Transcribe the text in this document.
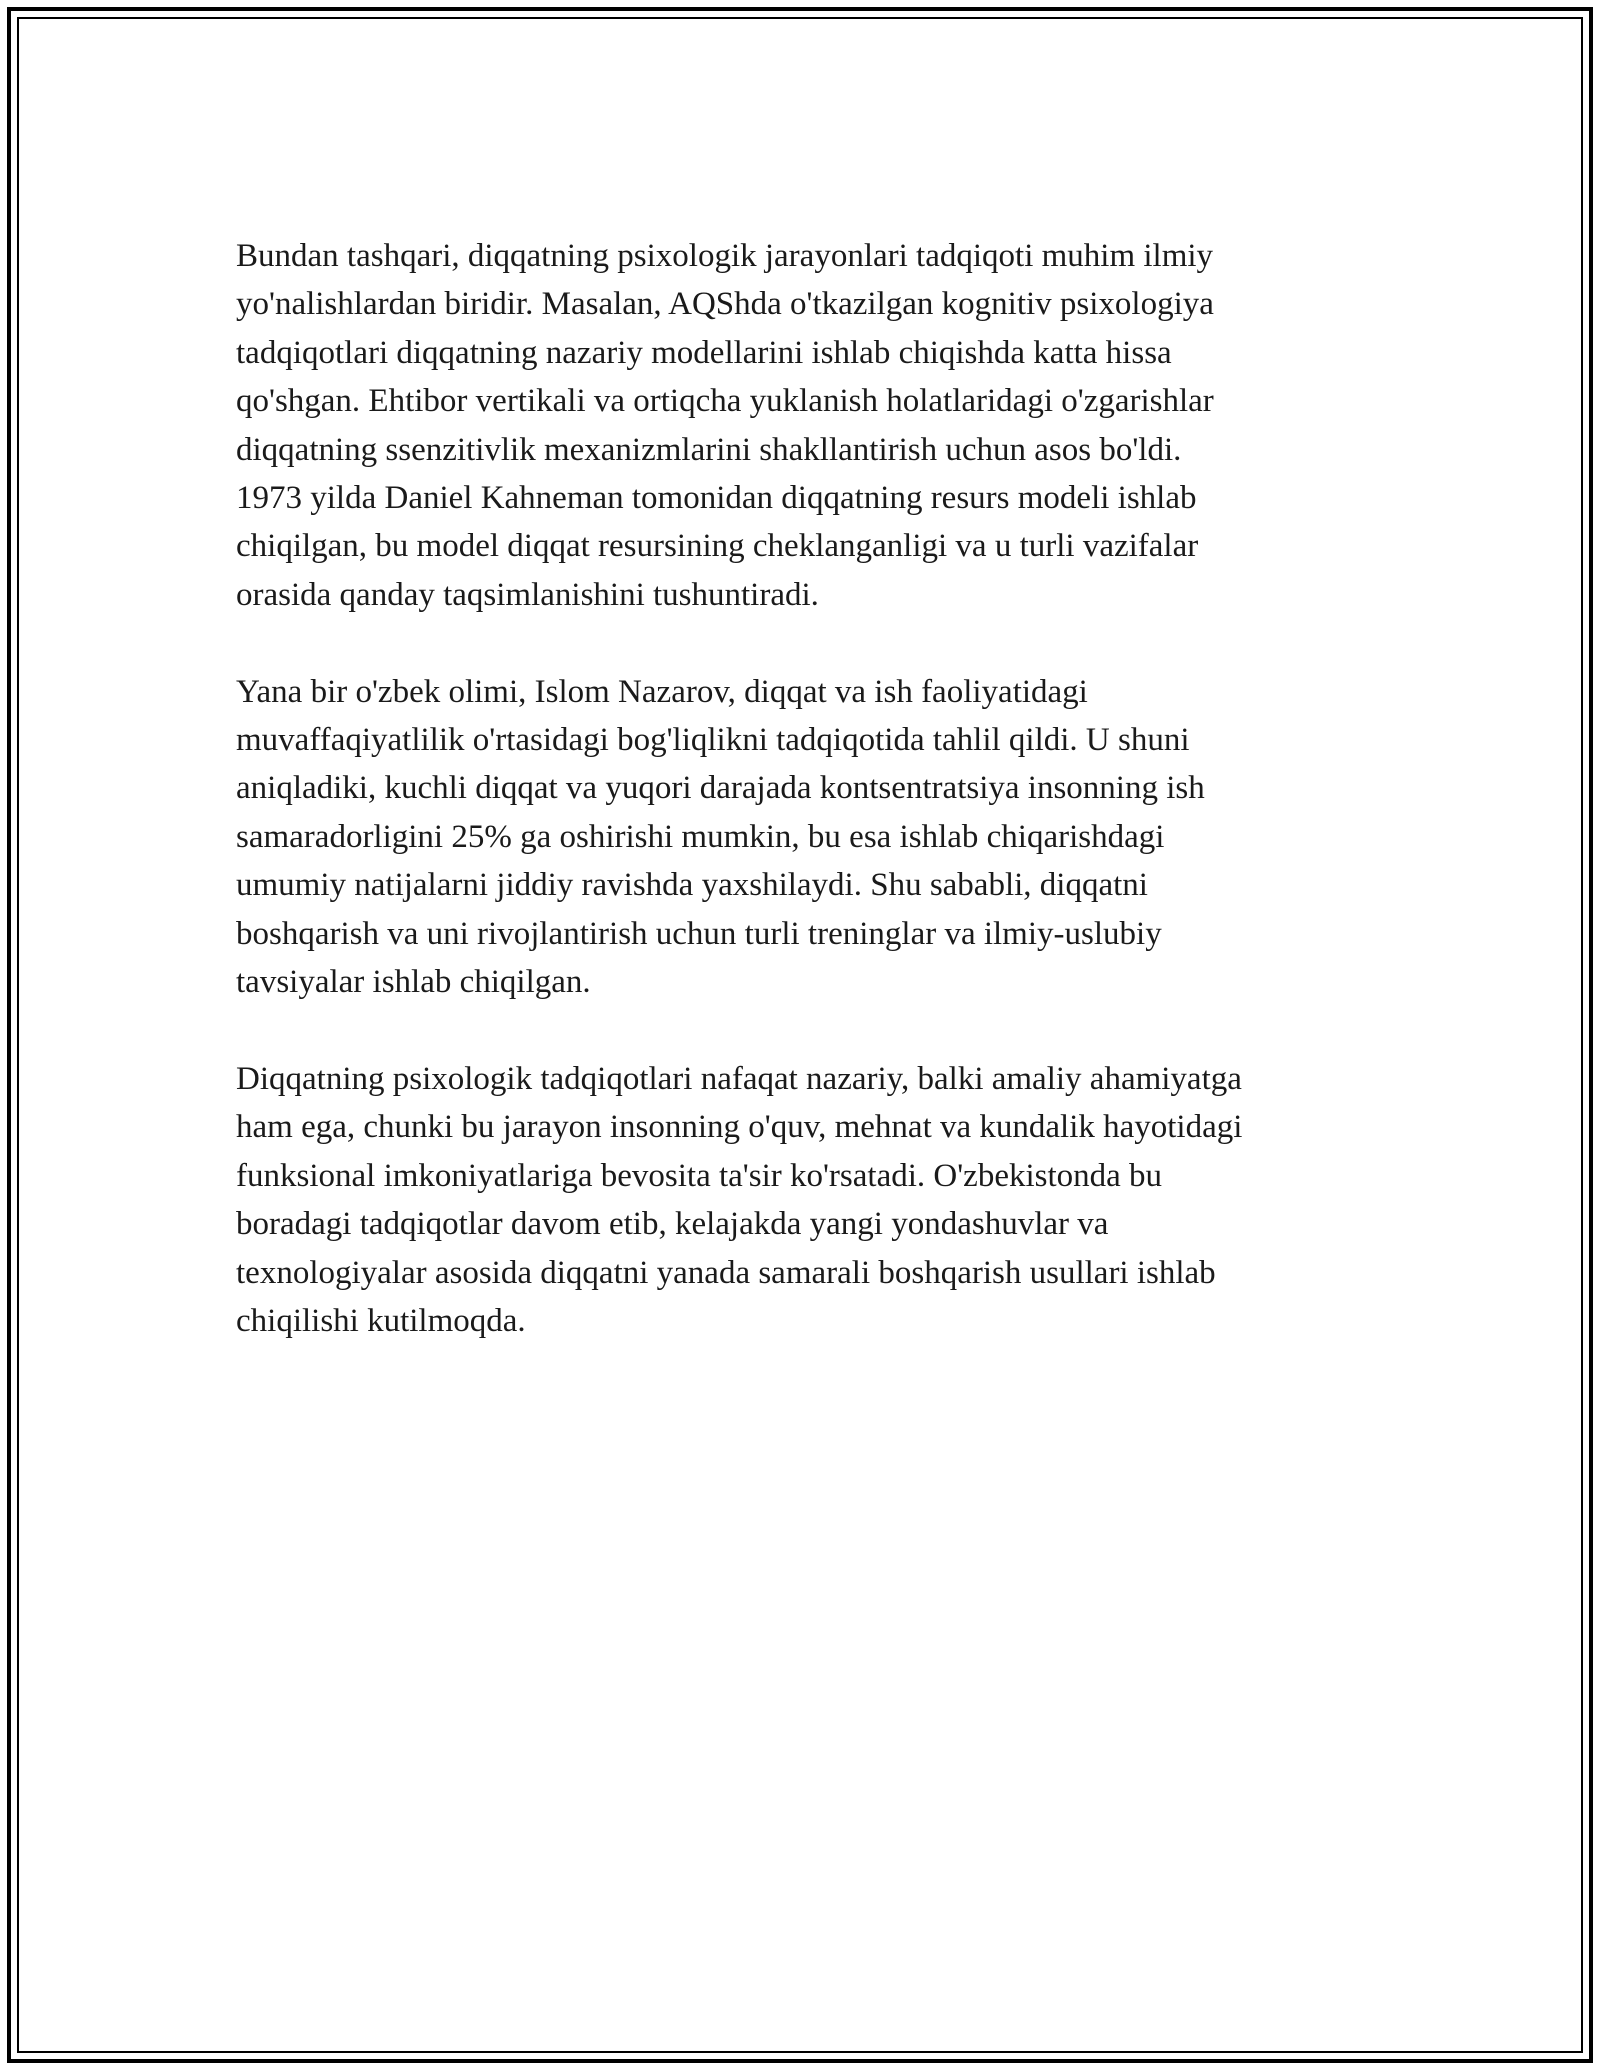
Bundan tashqari, diqqatning psixologik jarayonlari tadqiqoti muhim ilmiy
yo'nalishlardan biridir. Masalan, AQShda o'tkazilgan kognitiv psixologiya
tadqiqotlari diqqatning nazariy modellarini ishlab chiqishda katta hissa
qo'shgan. Ehtibor vertikali va ortiqcha yuklanish holatlaridagi o'zgarishlar
diqqatning ssenzitivlik mexanizmlarini shakllantirish uchun asos bo'ldi.
1973 yilda Daniel Kahneman tomonidan diqqatning resurs modeli ishlab
chiqilgan, bu model diqqat resursining cheklanganligi va u turli vazifalar
orasida qanday taqsimlanishini tushuntiradi.

Yana bir o'zbek olimi, Islom Nazarov, diqqat va ish faoliyatidagi
muvaffaqiyatlilik o'rtasidagi bog'liqlikni tadqiqotida tahlil qildi. U shuni
aniqladiki, kuchli diqqat va yuqori darajada kontsentratsiya insonning ish
samaradorligini 25% ga oshirishi mumkin, bu esa ishlab chiqarishdagi
umumiy natijalarni jiddiy ravishda yaxshilaydi. Shu sababli, diqqatni
boshqarish va uni rivojlantirish uchun turli treninglar va ilmiy-uslubiy
tavsiyalar ishlab chiqilgan.

Diqqatning psixologik tadqiqotlari nafaqat nazariy, balki amaliy ahamiyatga
ham ega, chunki bu jarayon insonning o'quv, mehnat va kundalik hayotidagi
funksional imkoniyatlariga bevosita ta'sir ko'rsatadi. O'zbekistonda bu
boradagi tadqiqotlar davom etib, kelajakda yangi yondashuvlar va
texnologiyalar asosida diqqatni yanada samarali boshqarish usullari ishlab
chiqilishi kutilmoqda.
